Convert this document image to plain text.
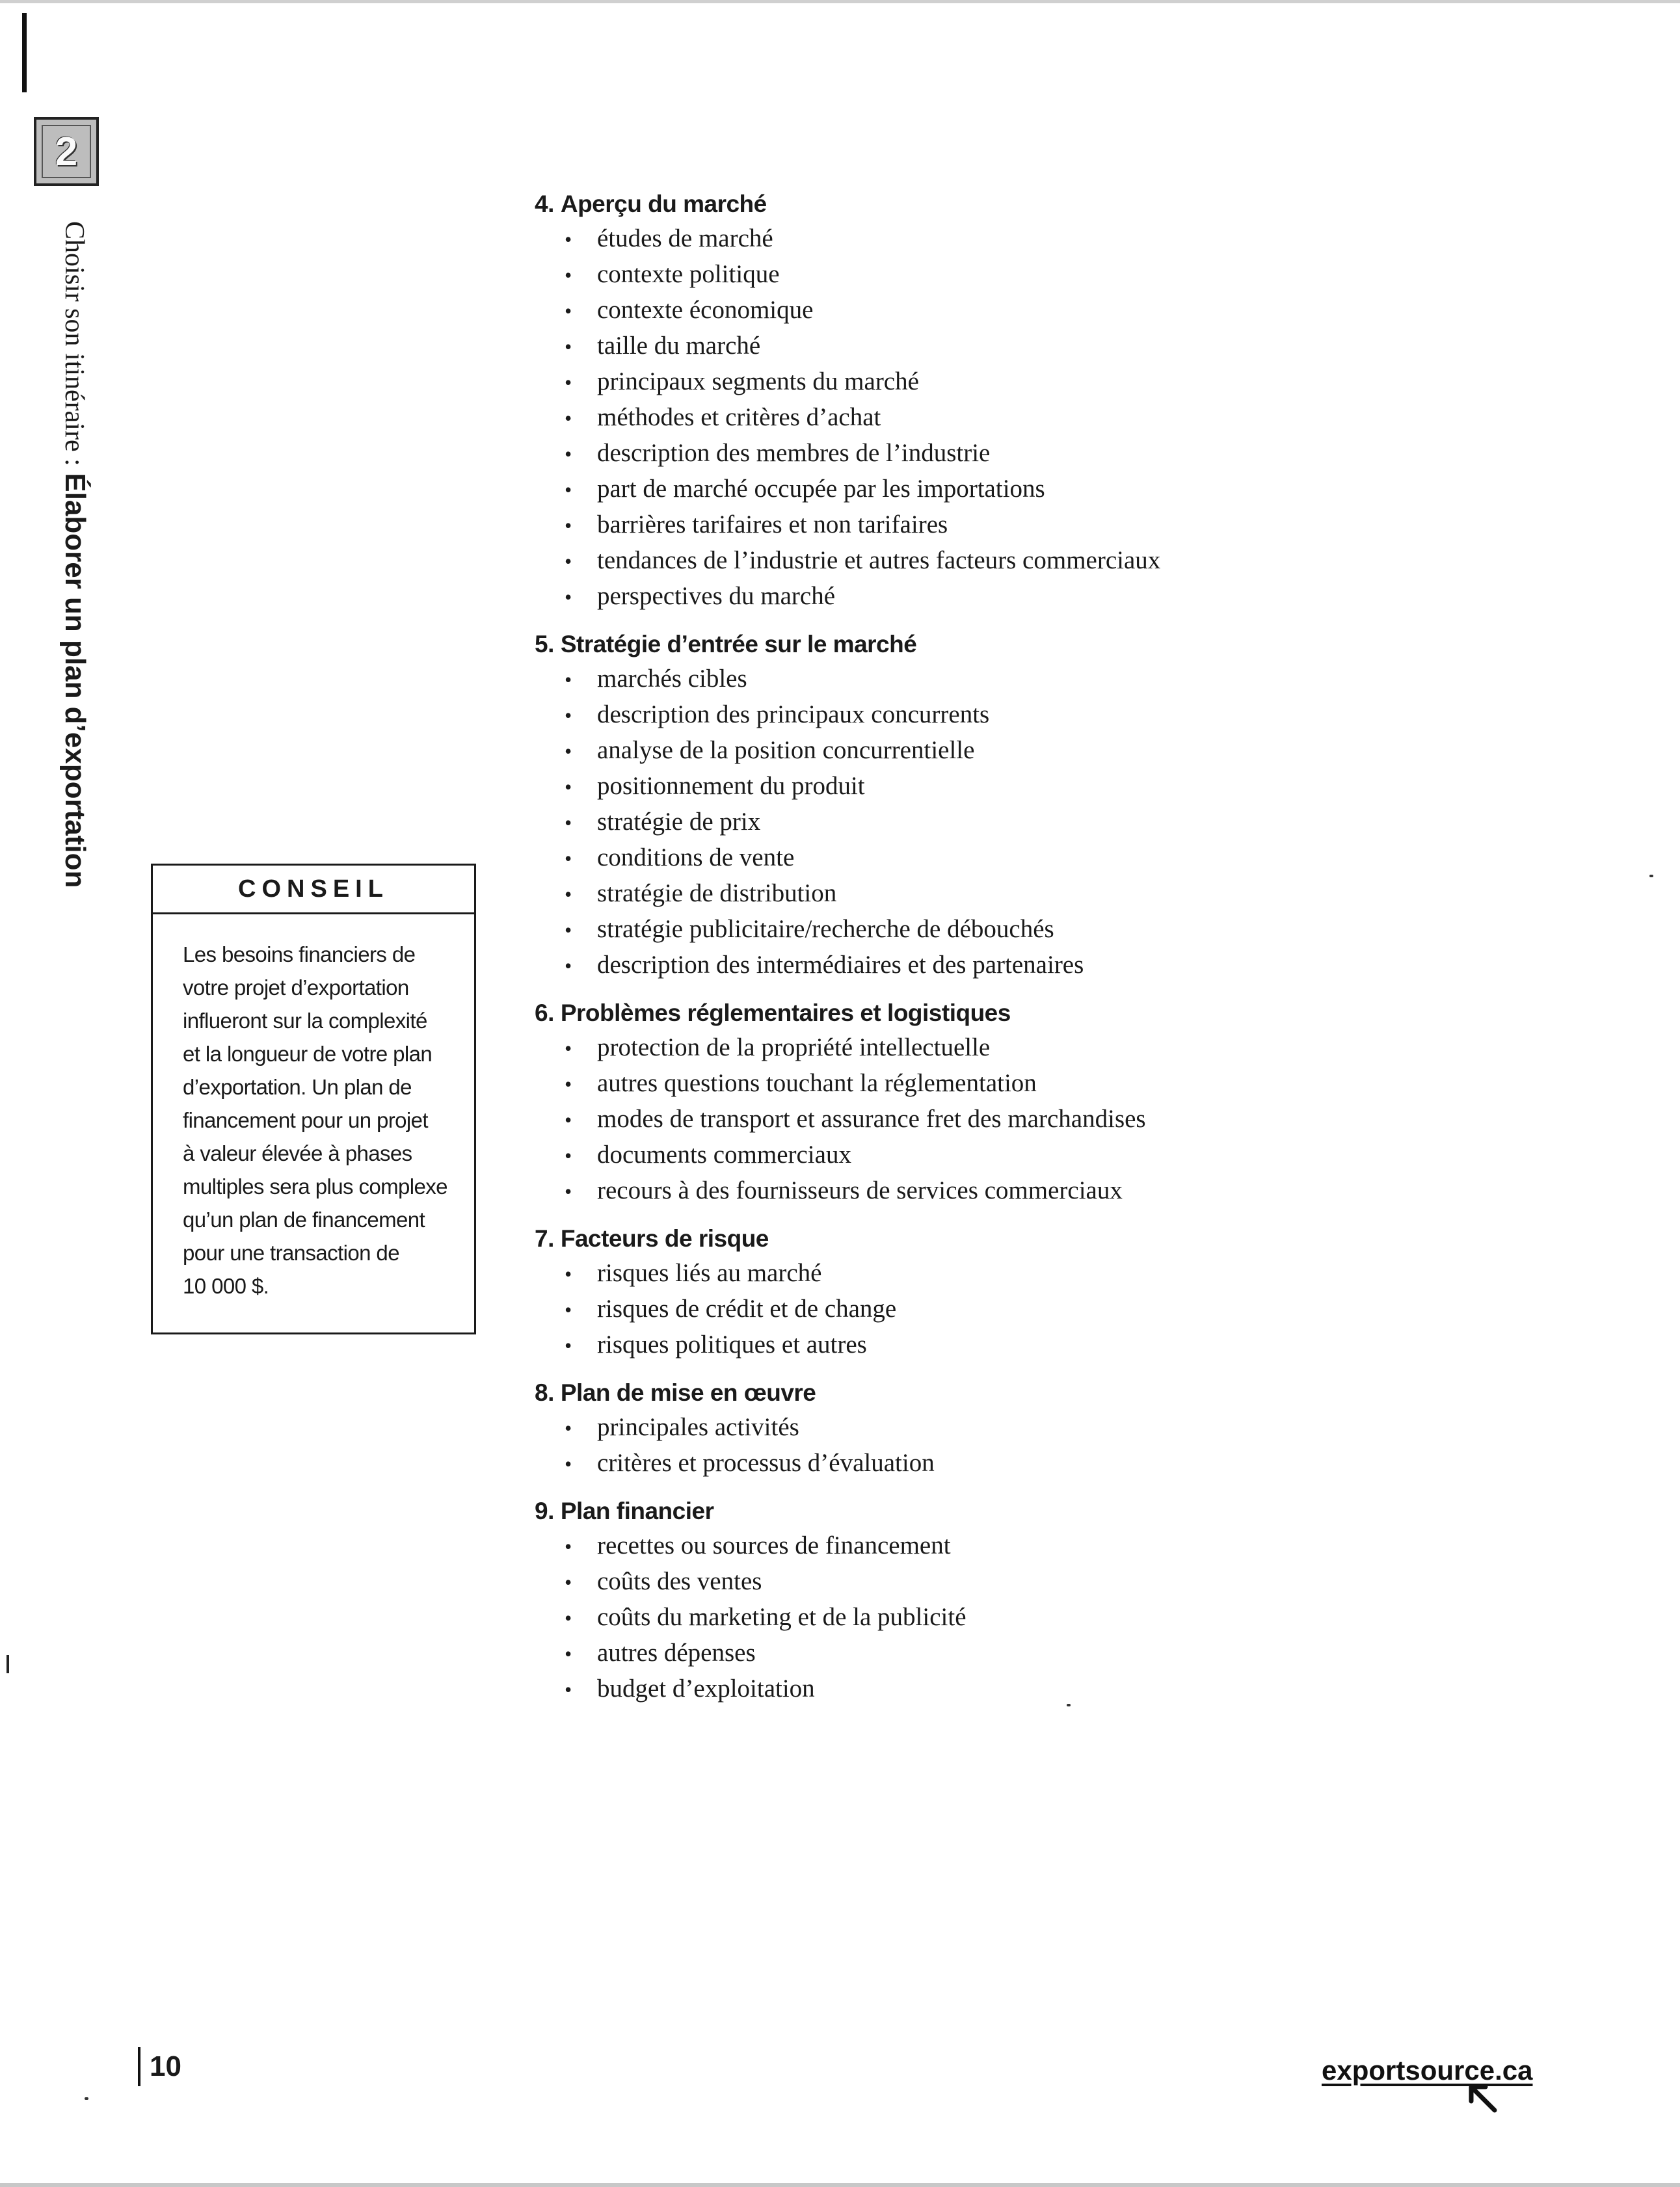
2
Choisir son itinéraire : Élaborer un plan d’exportation
CONSEIL
Les besoins financiers de
votre projet d’exportation
influeront sur la complexité
et la longueur de votre plan
d’exportation. Un plan de
financement pour un projet
à valeur élevée à phases
multiples sera plus complexe
qu’un plan de financement
pour une transaction de
10 000 $.
4. Aperçu du marché
• études de marché
• contexte politique
• contexte économique
• taille du marché
• principaux segments du marché
• méthodes et critères d’achat
• description des membres de l’industrie
• part de marché occupée par les importations
• barrières tarifaires et non tarifaires
• tendances de l’industrie et autres facteurs commerciaux
• perspectives du marché
5. Stratégie d’entrée sur le marché
• marchés cibles
• description des principaux concurrents
• analyse de la position concurrentielle
• positionnement du produit
• stratégie de prix
• conditions de vente
• stratégie de distribution
• stratégie publicitaire/recherche de débouchés
• description des intermédiaires et des partenaires
6. Problèmes réglementaires et logistiques
• protection de la propriété intellectuelle
• autres questions touchant la réglementation
• modes de transport et assurance fret des marchandises
• documents commerciaux
• recours à des fournisseurs de services commerciaux
7. Facteurs de risque
• risques liés au marché
• risques de crédit et de change
• risques politiques et autres
8. Plan de mise en œuvre
• principales activités
• critères et processus d’évaluation
9. Plan financier
• recettes ou sources de financement
• coûts des ventes
• coûts du marketing et de la publicité
• autres dépenses
• budget d’exploitation
10	exportsource.ca
